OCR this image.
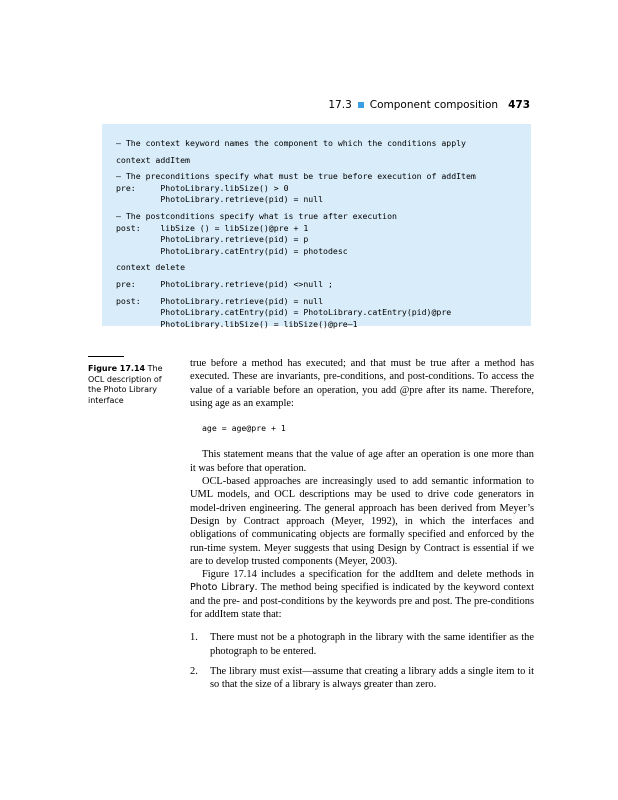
17.3 Component composition 473
— The context keyword names the component to which the conditions apply
context addItem
— The preconditions specify what must be true before execution of addItem
pre:     PhotoLibrary.libSize() > 0
PhotoLibrary.retrieve(pid) = null
— The postconditions specify what is true after execution
post:    libSize () = libSize()@pre + 1
PhotoLibrary.retrieve(pid) = p
PhotoLibrary.catEntry(pid) = photodesc
context delete
pre:     PhotoLibrary.retrieve(pid) <>null ;
post:    PhotoLibrary.retrieve(pid) = null
PhotoLibrary.catEntry(pid) = PhotoLibrary.catEntry(pid)@pre
PhotoLibrary.libSize() = libSize()@pre—1
Figure 17.14 The OCL description of the Photo Library interface

true before a method has executed; and that must be true after a method has executed. These are invariants, pre-conditions, and post-conditions. To access the value of a variable before an operation, you add @pre after its name. Therefore, using age as an example:

age = age@pre + 1

This statement means that the value of age after an operation is one more than it was before that operation.

OCL-based approaches are increasingly used to add semantic information to UML models, and OCL descriptions may be used to drive code generators in model-driven engineering. The general approach has been derived from Meyer’s Design by Contract approach (Meyer, 1992), in which the interfaces and obligations of communicating objects are formally specified and enforced by the run-time system. Meyer suggests that using Design by Contract is essential if we are to develop trusted components (Meyer, 2003).

Figure 17.14 includes a specification for the addItem and delete methods in Photo Library. The method being specified is indicated by the keyword context and the pre- and post-conditions by the keywords pre and post. The pre-conditions for addItem state that:

1.	There must not be a photograph in the library with the same identifier as the photograph to be entered.
2.	The library must exist—assume that creating a library adds a single item to it so that the size of a library is always greater than zero.
